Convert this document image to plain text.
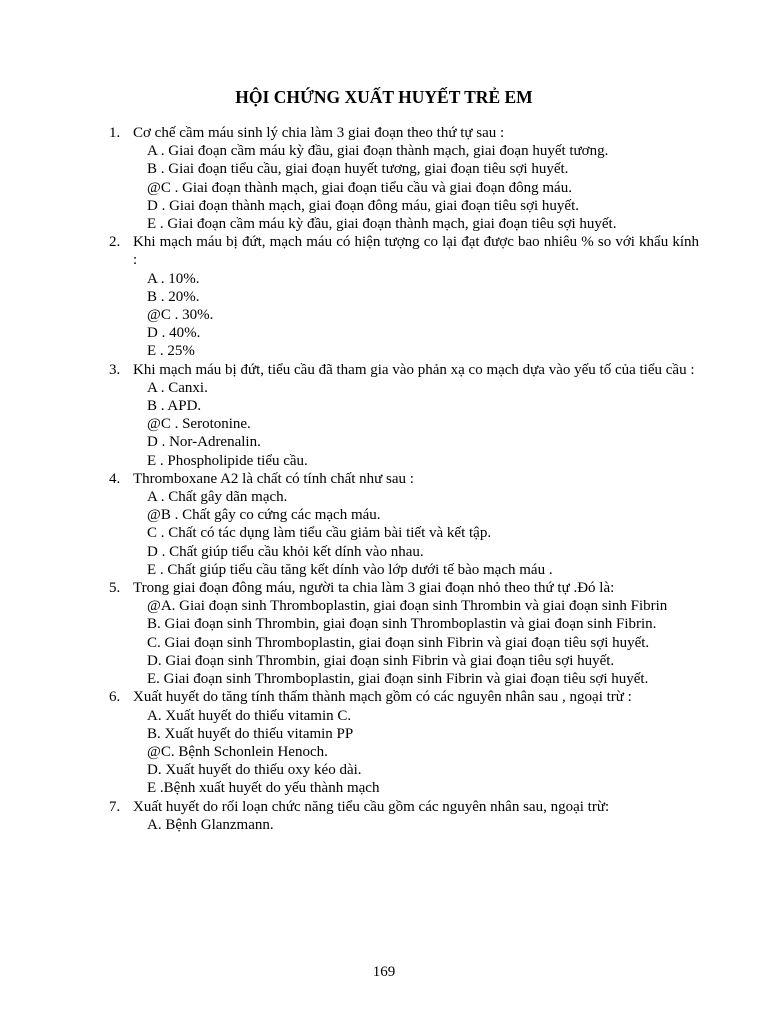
HỘI CHỨNG XUẤT HUYẾT TRẺ EM
1. Cơ chế cầm máu sinh lý chia làm 3 giai đoạn theo thứ tự sau :
A . Giai đoạn cầm máu kỳ đầu, giai đoạn thành mạch, giai đoạn huyết tương.
B . Giai đoạn tiểu cầu, giai đoạn huyết tương, giai đoạn tiêu sợi huyết.
@C . Giai đoạn thành mạch, giai đoạn tiểu cầu và giai đoạn đông máu.
D . Giai đoạn thành mạch, giai đoạn đông máu, giai đoạn tiêu sợi huyết.
E . Giai đoạn cầm máu kỳ đầu, giai đoạn thành mạch, giai đoạn tiêu sợi huyết.
2. Khi mạch máu bị đứt, mạch máu có hiện tượng co lại đạt được bao nhiêu % so với khẩu kính :
A . 10%.
B . 20%.
@C . 30%.
D . 40%.
E . 25%
3. Khi mạch máu bị đứt, tiểu cầu đã tham gia vào phản xạ co mạch dựa vào yếu tố của tiểu cầu :
A . Canxi.
B . APD.
@C . Serotonine.
D . Nor-Adrenalin.
E . Phospholipide tiểu cầu.
4. Thromboxane A2 là chất có tính chất như sau :
A . Chất gây dãn mạch.
@B . Chất gây co cứng các mạch máu.
C . Chất có tác dụng làm tiểu cầu giảm bài tiết và kết tập.
D . Chất giúp tiểu cầu khỏi kết dính vào nhau.
E . Chất giúp tiểu cầu tăng kết dính vào lớp dưới tế bào mạch máu .
5. Trong giai đoạn đông máu, người ta chia làm 3 giai đoạn nhỏ theo thứ tự .Đó là:
@A. Giai đoạn sinh Thromboplastin, giai đoạn sinh Thrombin và giai đoạn sinh Fibrin
B. Giai đoạn sinh Thrombin, giai đoạn sinh Thromboplastin và giai đoạn sinh Fibrin.
C. Giai đoạn sinh Thromboplastin, giai đoạn sinh Fibrin và giai đoạn tiêu sợi huyết.
D. Giai đoạn sinh Thrombin, giai đoạn sinh Fibrin và giai đoạn tiêu sợi huyết.
E. Giai đoạn sinh Thromboplastin, giai đoạn sinh Fibrin và giai đoạn tiêu sợi huyết.
6. Xuất huyết do tăng tính thấm thành mạch gồm có các nguyên nhân sau , ngoại trừ :
A. Xuất huyết do thiếu vitamin C.
B. Xuất huyết do thiếu vitamin PP
@C. Bệnh Schonlein Henoch.
D. Xuất huyết do thiếu oxy kéo dài.
E .Bệnh xuất huyết do yếu thành mạch
7. Xuất huyết do rối loạn chức năng tiểu cầu gồm các nguyên nhân sau, ngoại trừ:
A. Bệnh Glanzmann.
169
